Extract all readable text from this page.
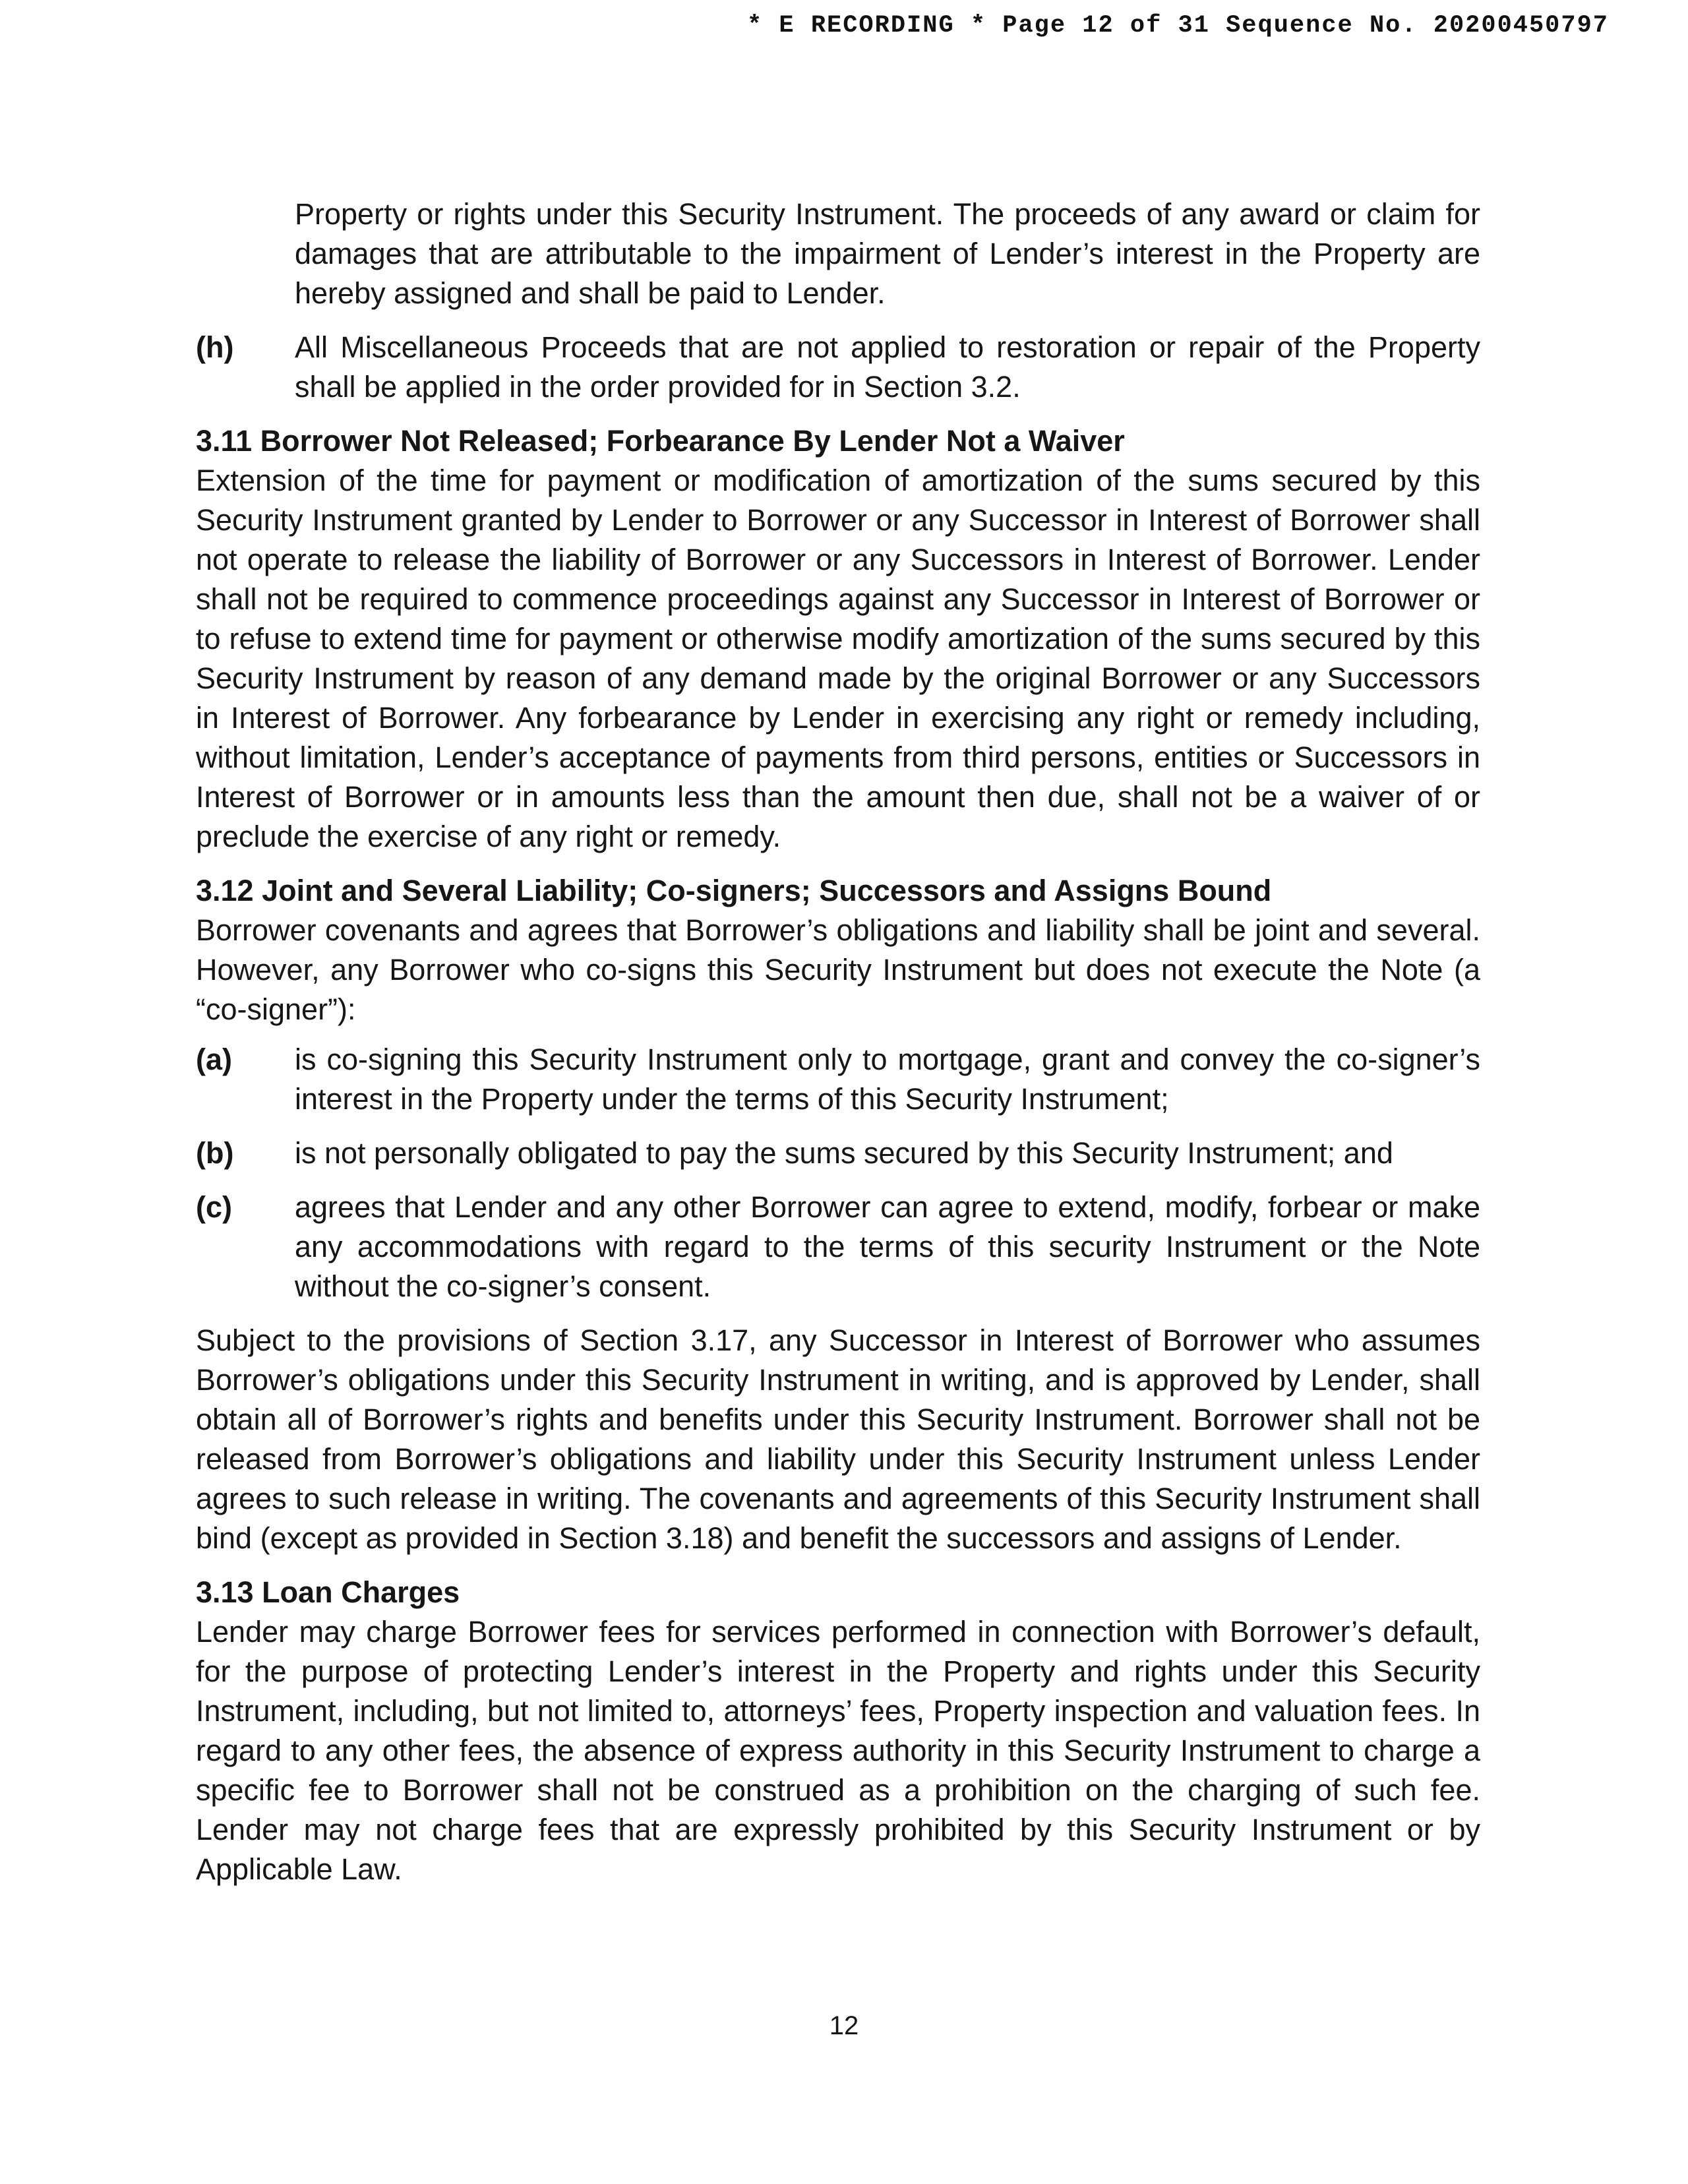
* E RECORDING * Page 12 of 31 Sequence No. 20200450797

Property or rights under this Security Instrument. The proceeds of any award or claim for damages that are attributable to the impairment of Lender’s interest in the Property are hereby assigned and shall be paid to Lender.

(h) All Miscellaneous Proceeds that are not applied to restoration or repair of the Property shall be applied in the order provided for in Section 3.2.

3.11 Borrower Not Released; Forbearance By Lender Not a Waiver

Extension of the time for payment or modification of amortization of the sums secured by this Security Instrument granted by Lender to Borrower or any Successor in Interest of Borrower shall not operate to release the liability of Borrower or any Successors in Interest of Borrower. Lender shall not be required to commence proceedings against any Successor in Interest of Borrower or to refuse to extend time for payment or otherwise modify amortization of the sums secured by this Security Instrument by reason of any demand made by the original Borrower or any Successors in Interest of Borrower. Any forbearance by Lender in exercising any right or remedy including, without limitation, Lender’s acceptance of payments from third persons, entities or Successors in Interest of Borrower or in amounts less than the amount then due, shall not be a waiver of or preclude the exercise of any right or remedy.

3.12 Joint and Several Liability; Co-signers; Successors and Assigns Bound

Borrower covenants and agrees that Borrower’s obligations and liability shall be joint and several. However, any Borrower who co-signs this Security Instrument but does not execute the Note (a “co-signer”):

(a) is co-signing this Security Instrument only to mortgage, grant and convey the co-signer’s interest in the Property under the terms of this Security Instrument;
(b) is not personally obligated to pay the sums secured by this Security Instrument; and
(c) agrees that Lender and any other Borrower can agree to extend, modify, forbear or make any accommodations with regard to the terms of this security Instrument or the Note without the co-signer’s consent.

Subject to the provisions of Section 3.17, any Successor in Interest of Borrower who assumes Borrower’s obligations under this Security Instrument in writing, and is approved by Lender, shall obtain all of Borrower’s rights and benefits under this Security Instrument. Borrower shall not be released from Borrower’s obligations and liability under this Security Instrument unless Lender agrees to such release in writing. The covenants and agreements of this Security Instrument shall bind (except as provided in Section 3.18) and benefit the successors and assigns of Lender.

3.13 Loan Charges

Lender may charge Borrower fees for services performed in connection with Borrower’s default, for the purpose of protecting Lender’s interest in the Property and rights under this Security Instrument, including, but not limited to, attorneys’ fees, Property inspection and valuation fees. In regard to any other fees, the absence of express authority in this Security Instrument to charge a specific fee to Borrower shall not be construed as a prohibition on the charging of such fee. Lender may not charge fees that are expressly prohibited by this Security Instrument or by Applicable Law.

12
